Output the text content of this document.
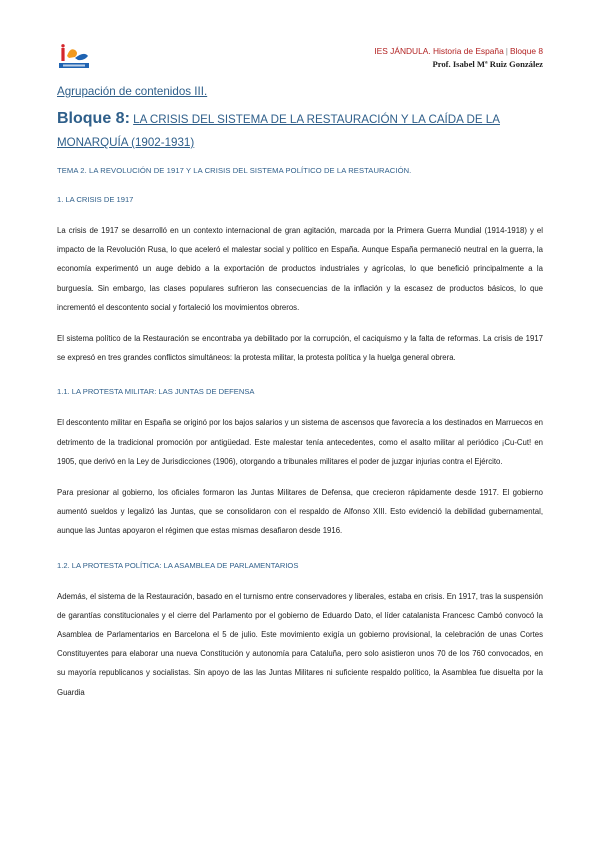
IES JÁNDULA. Historia de España | Bloque 8
Prof. Isabel Mª Ruiz González
Agrupación de contenidos III.
Bloque 8: LA CRISIS DEL SISTEMA DE LA RESTAURACIÓN Y LA CAÍDA DE LA MONARQUÍA (1902-1931)
TEMA 2. LA REVOLUCIÓN DE 1917 Y LA CRISIS DEL SISTEMA POLÍTICO DE LA RESTAURACIÓN.
1. LA CRISIS DE 1917

La crisis de 1917 se desarrolló en un contexto internacional de gran agitación, marcada por la Primera Guerra Mundial (1914-1918) y el impacto de la Revolución Rusa, lo que aceleró el malestar social y político en España. Aunque España permaneció neutral en la guerra, la economía experimentó un auge debido a la exportación de productos industriales y agrícolas, lo que benefició principalmente a la burguesía. Sin embargo, las clases populares sufrieron las consecuencias de la inflación y la escasez de productos básicos, lo que incrementó el descontento social y fortaleció los movimientos obreros.

El sistema político de la Restauración se encontraba ya debilitado por la corrupción, el caciquismo y la falta de reformas. La crisis de 1917 se expresó en tres grandes conflictos simultáneos: la protesta militar, la protesta política y la huelga general obrera.

1.1. LA PROTESTA MILITAR: LAS JUNTAS DE DEFENSA

El descontento militar en España se originó por los bajos salarios y un sistema de ascensos que favorecía a los destinados en Marruecos en detrimento de la tradicional promoción por antigüedad. Este malestar tenía antecedentes, como el asalto militar al periódico ¡Cu-Cut! en 1905, que derivó en la Ley de Jurisdicciones (1906), otorgando a tribunales militares el poder de juzgar injurias contra el Ejército.

Para presionar al gobierno, los oficiales formaron las Juntas Militares de Defensa, que crecieron rápidamente desde 1917. El gobierno aumentó sueldos y legalizó las Juntas, que se consolidaron con el respaldo de Alfonso XIII. Esto evidenció la debilidad gubernamental, aunque las Juntas apoyaron el régimen que estas mismas desafiaron desde 1916.

1.2. LA PROTESTA POLÍTICA: LA ASAMBLEA DE PARLAMENTARIOS

Además, el sistema de la Restauración, basado en el turnismo entre conservadores y liberales, estaba en crisis. En 1917, tras la suspensión de garantías constitucionales y el cierre del Parlamento por el gobierno de Eduardo Dato, el líder catalanista Francesc Cambó convocó la Asamblea de Parlamentarios en Barcelona el 5 de julio. Este movimiento exigía un gobierno provisional, la celebración de unas Cortes Constituyentes para elaborar una nueva Constitución y autonomía para Cataluña, pero solo asistieron unos 70 de los 760 convocados, en su mayoría republicanos y socialistas. Sin apoyo de las las Juntas Militares ni suficiente respaldo político, la Asamblea fue disuelta por la Guardia
